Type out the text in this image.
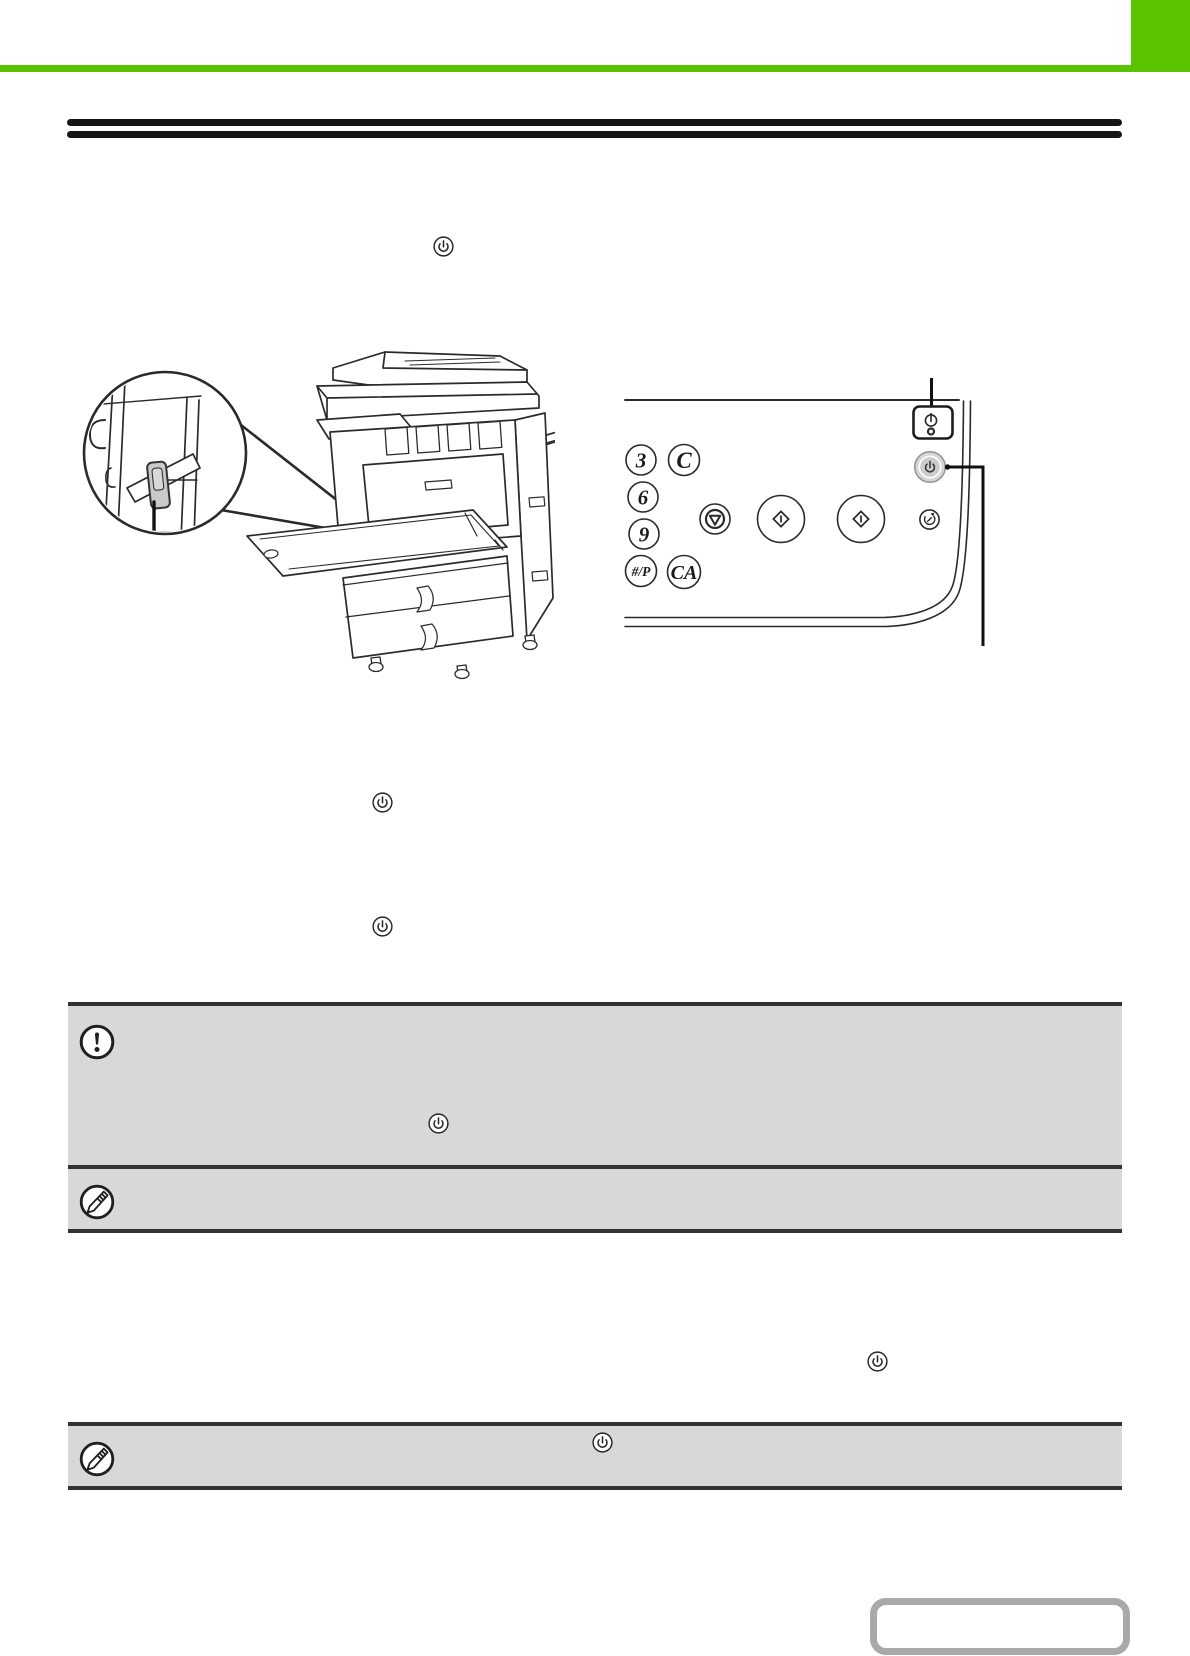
3 C
6
9
#/P CA
